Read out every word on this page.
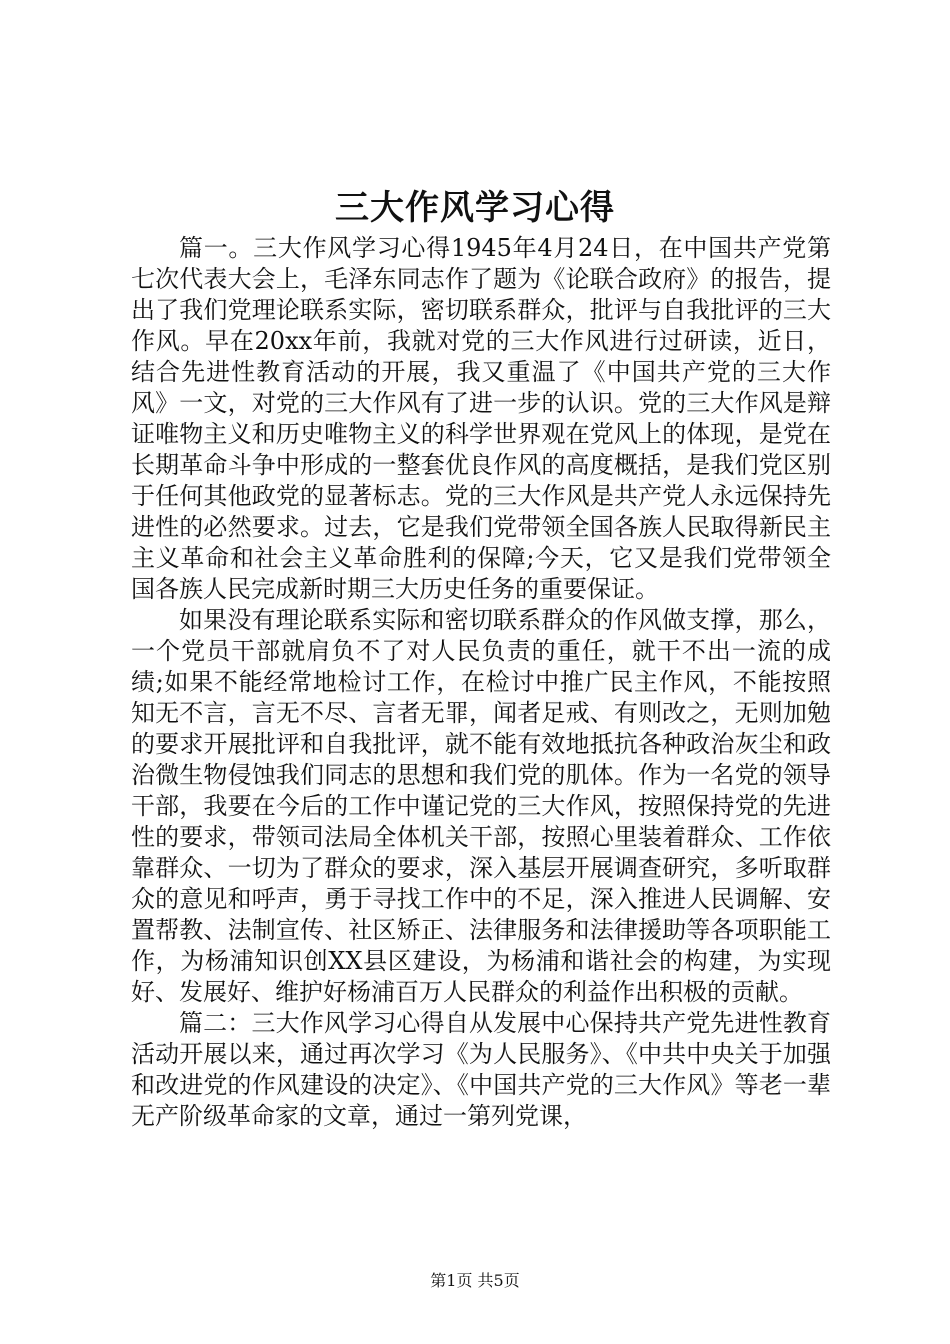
三大作风学习心得

篇一。三大作风学习心得1945年4月24日，在中国共产党第七次代表大会上，毛泽东同志作了题为《论联合政府》的报告，提出了我们党理论联系实际，密切联系群众，批评与自我批评的三大作风。早在20xx年前，我就对党的三大作风进行过研读，近日，结合先进性教育活动的开展，我又重温了《中国共产党的三大作风》一文，对党的三大作风有了进一步的认识。党的三大作风是辩证唯物主义和历史唯物主义的科学世界观在党风上的体现，是党在长期革命斗争中形成的一整套优良作风的高度概括，是我们党区别于任何其他政党的显著标志。党的三大作风是共产党人永远保持先进性的必然要求。过去，它是我们党带领全国各族人民取得新民主主义革命和社会主义革命胜利的保障;今天，它又是我们党带领全国各族人民完成新时期三大历史任务的重要保证。

如果没有理论联系实际和密切联系群众的作风做支撑，那么，一个党员干部就肩负不了对人民负责的重任，就干不出一流的成绩;如果不能经常地检讨工作，在检讨中推广民主作风，不能按照知无不言，言无不尽、言者无罪，闻者足戒、有则改之，无则加勉的要求开展批评和自我批评，就不能有效地抵抗各种政治灰尘和政治微生物侵蚀我们同志的思想和我们党的肌体。作为一名党的领导干部，我要在今后的工作中谨记党的三大作风，按照保持党的先进性的要求，带领司法局全体机关干部，按照心里装着群众、工作依靠群众、一切为了群众的要求，深入基层开展调查研究，多听取群众的意见和呼声，勇于寻找工作中的不足，深入推进人民调解、安置帮教、法制宣传、社区矫正、法律服务和法律援助等各项职能工作，为杨浦知识创XX县区建设，为杨浦和谐社会的构建，为实现好、发展好、维护好杨浦百万人民群众的利益作出积极的贡献。

篇二：三大作风学习心得自从发展中心保持共产党先进性教育活动开展以来，通过再次学习《为人民服务》、《中共中央关于加强和改进党的作风建设的决定》、《中国共产党的三大作风》等老一辈无产阶级革命家的文章，通过一第列党课，

第1页 共5页
